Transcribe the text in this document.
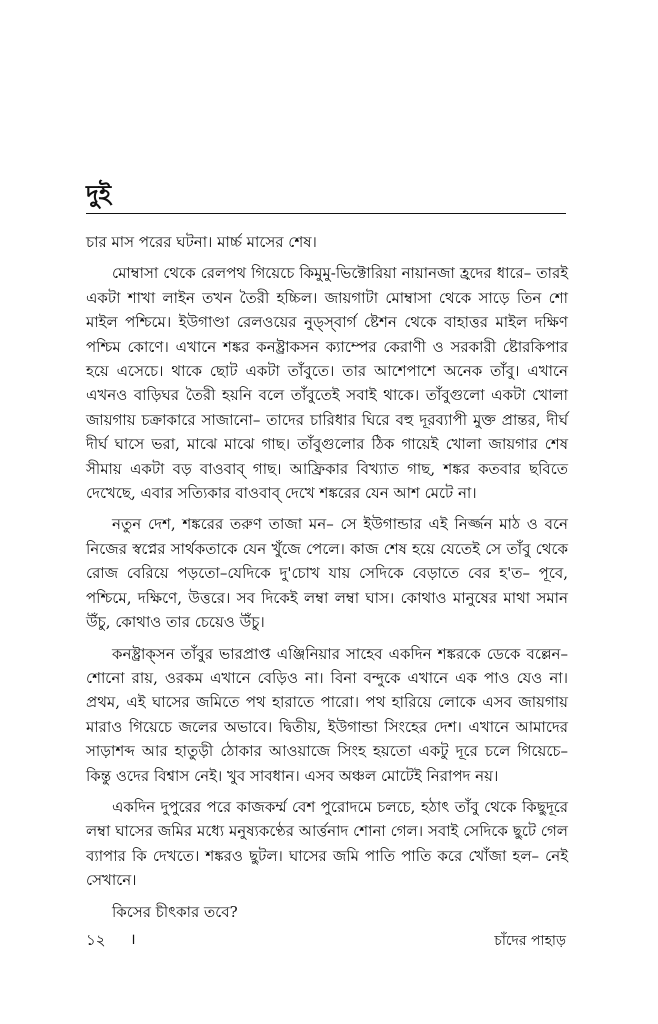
দুই

চার মাস পরের ঘটনা। মার্চ্চ মাসের শেষ।

মোম্বাসা থেকে রেলপথ গিয়েচে কিমুমু-ভিক্টোরিয়া নায়ানজা হ্রদের ধারে– তারই একটা শাখা লাইন তখন তৈরী হচ্চিল। জায়গাটা মোম্বাসা থেকে সাড়ে তিন শো মাইল পশ্চিমে। ইউগাণ্ডা রেলওয়ের নুড্‌স্‌বার্গ ষ্টেশন থেকে বাহাত্তর মাইল দক্ষিণ পশ্চিম কোণে। এখানে শঙ্কর কনষ্ট্রাকসন ক্যাম্পের কেরাণী ও সরকারী ষ্টোরকিপার হয়ে এসেচে। থাকে ছোট একটা তাঁবুতে। তার আশেপাশে অনেক তাঁবু। এখানে এখনও বাড়িঘর তৈরী হয়নি বলে তাঁবুতেই সবাই থাকে। তাঁবুগুলো একটা খোলা জায়গায় চক্রাকারে সাজানো– তাদের চারিধার ঘিরে বহু দূরব্যাপী মুক্ত প্রান্তর, দীর্ঘ দীর্ঘ ঘাসে ভরা, মাঝে মাঝে গাছ। তাঁবুগুলোর ঠিক গায়েই খোলা জায়গার শেষ সীমায় একটা বড় বাওবাব্ গাছ। আফ্রিকার বিখ্যাত গাছ, শঙ্কর কতবার ছবিতে দেখেছে, এবার সত্যিকার বাওবাব্ দেখে শঙ্করের যেন আশ মেটে না।

নতুন দেশ, শঙ্করের তরুণ তাজা মন– সে ইউগান্ডার এই নির্জ্জন মাঠ ও বনে নিজের স্বপ্নের সার্থকতাকে যেন খুঁজে পেলে। কাজ শেষ হয়ে যেতেই সে তাঁবু থেকে রোজ বেরিয়ে পড়তো–যেদিকে দু'চোখ যায় সেদিকে বেড়াতে বের হ'ত– পূবে, পশ্চিমে, দক্ষিণে, উত্তরে। সব দিকেই লম্বা লম্বা ঘাস। কোথাও মানুষের মাথা সমান উঁচু, কোথাও তার চেয়েও উঁচু।

কনষ্ট্রাক্‌সন তাঁবুর ভারপ্রাপ্ত এঞ্জিনিয়ার সাহেব একদিন শঙ্করকে ডেকে বল্লেন– শোনো রায়, ওরকম এখানে বেড়িও না। বিনা বন্দুকে এখানে এক পাও যেও না। প্রথম, এই ঘাসের জমিতে পথ হারাতে পারো। পথ হারিয়ে লোকে এসব জায়গায় মারাও গিয়েচে জলের অভাবে। দ্বিতীয়, ইউগান্ডা সিংহের দেশ। এখানে আমাদের সাড়াশব্দ আর হাতুড়ী ঠোকার আওয়াজে সিংহ হয়তো একটু দূরে চলে গিয়েচে– কিন্তু ওদের বিশ্বাস নেই। খুব সাবধান। এসব অঞ্চল মোটেই নিরাপদ নয়।

একদিন দুপুরের পরে কাজকর্ম্ম বেশ পুরোদমে চলচে, হঠাৎ তাঁবু থেকে কিছুদূরে লম্বা ঘাসের জমির মধ্যে মনুষ্যকণ্ঠের আর্ত্তনাদ শোনা গেল। সবাই সেদিকে ছুটে গেল ব্যাপার কি দেখতে। শঙ্করও ছুটল। ঘাসের জমি পাতি পাতি করে খোঁজা হল– নেই সেখানে।

কিসের চীৎকার তবে?

১২ ।	চাঁদের পাহাড়
